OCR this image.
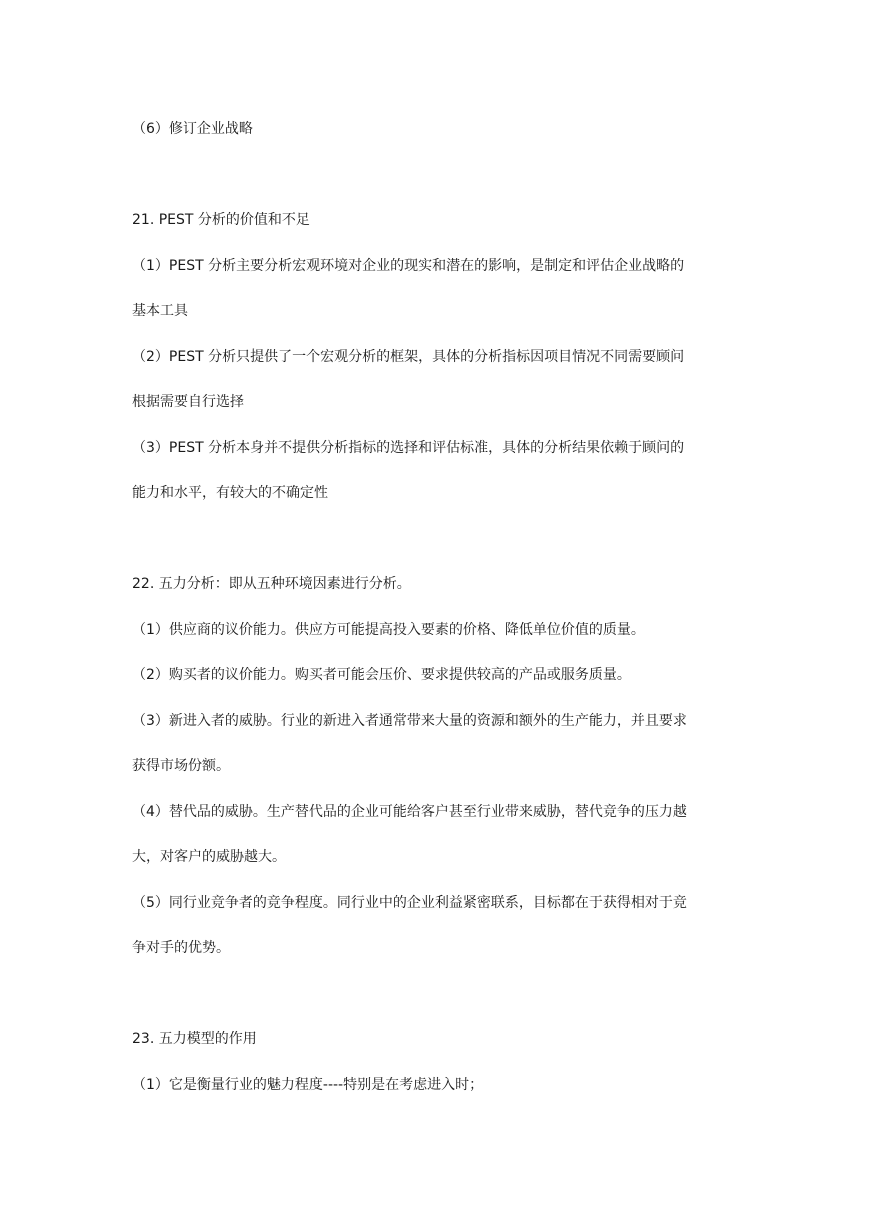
（6）修订企业战略
21. PEST 分析的价值和不足
（1）PEST 分析主要分析宏观环境对企业的现实和潜在的影响，是制定和评估企业战略的
基本工具
（2）PEST 分析只提供了一个宏观分析的框架，具体的分析指标因项目情况不同需要顾问
根据需要自行选择
（3）PEST 分析本身并不提供分析指标的选择和评估标准，具体的分析结果依赖于顾问的
能力和水平，有较大的不确定性
22. 五力分析：即从五种环境因素进行分析。
（1）供应商的议价能力。供应方可能提高投入要素的价格、降低单位价值的质量。
（2）购买者的议价能力。购买者可能会压价、要求提供较高的产品或服务质量。
（3）新进入者的威胁。行业的新进入者通常带来大量的资源和额外的生产能力，并且要求
获得市场份额。
（4）替代品的威胁。生产替代品的企业可能给客户甚至行业带来威胁，替代竞争的压力越
大，对客户的威胁越大。
（5）同行业竞争者的竞争程度。同行业中的企业利益紧密联系，目标都在于获得相对于竞
争对手的优势。
23. 五力模型的作用
（1）它是衡量行业的魅力程度----特别是在考虑进入时；
